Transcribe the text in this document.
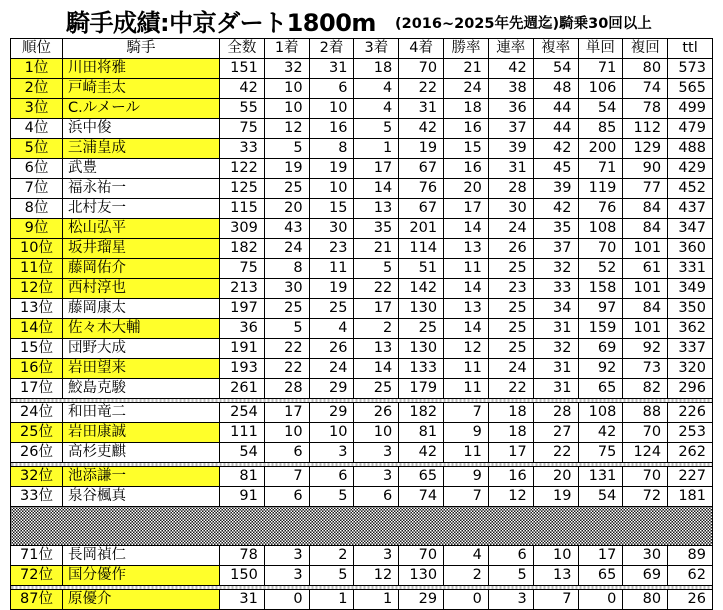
騎手成績:中京ダート1800m (2016~2025年先週迄)騎乗30回以上
順位	騎手	全数	1着	2着	3着	4着	勝率	連率	複率	単回	複回	ttl
1位	川田将雅	151	32	31	18	70	21	42	54	71	80	573
2位	戸崎圭太	42	10	6	4	22	24	38	48	106	74	565
3位	C.ルメール	55	10	10	4	31	18	36	44	54	78	499
4位	浜中俊	75	12	16	5	42	16	37	44	85	112	479
5位	三浦皇成	33	5	8	1	19	15	39	42	200	129	488
6位	武豊	122	19	19	17	67	16	31	45	71	90	429
7位	福永祐一	125	25	10	14	76	20	28	39	119	77	452
8位	北村友一	115	20	15	13	67	17	30	42	76	84	437
9位	松山弘平	309	43	30	35	201	14	24	35	108	84	347
10位	坂井瑠星	182	24	23	21	114	13	26	37	70	101	360
11位	藤岡佑介	75	8	11	5	51	11	25	32	52	61	331
12位	西村淳也	213	30	19	22	142	14	23	33	158	101	349
13位	藤岡康太	197	25	25	17	130	13	25	34	97	84	350
14位	佐々木大輔	36	5	4	2	25	14	25	31	159	101	362
15位	団野大成	191	22	26	13	130	12	25	32	69	92	337
16位	岩田望来	193	22	24	14	133	11	24	31	92	73	320
17位	鮫島克駿	261	28	29	25	179	11	22	31	65	82	296

24位	和田竜二	254	17	29	26	182	7	18	28	108	88	226
25位	岩田康誠	111	10	10	10	81	9	18	27	42	70	253
26位	高杉吏麒	54	6	3	3	42	11	17	22	75	124	262

32位	池添謙一	81	7	6	3	65	9	16	20	131	70	227
33位	泉谷楓真	91	6	5	6	74	7	12	19	54	72	181

71位	長岡禎仁	78	3	2	3	70	4	6	10	17	30	89
72位	国分優作	150	3	5	12	130	2	5	13	65	69	62

87位	原優介	31	0	1	1	29	0	3	7	0	80	26
